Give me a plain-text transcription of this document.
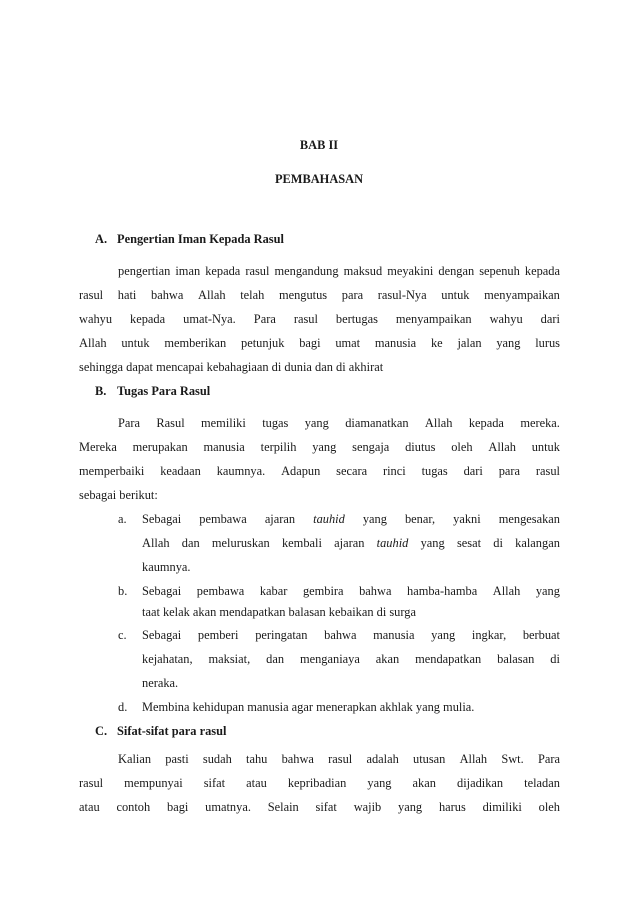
BAB II
PEMBAHASAN
A. Pengertian Iman Kepada Rasul
pengertian iman kepada rasul mengandung maksud meyakini dengan sepenuh kepada
rasul hati bahwa Allah telah mengutus para rasul-Nya untuk menyampaikan
wahyu kepada umat-Nya. Para rasul bertugas menyampaikan wahyu dari
Allah untuk memberikan petunjuk bagi umat manusia ke jalan yang lurus
sehingga dapat mencapai kebahagiaan di dunia dan di akhirat
B. Tugas Para Rasul
Para Rasul memiliki tugas yang diamanatkan Allah kepada mereka.
Mereka merupakan manusia terpilih yang sengaja diutus oleh Allah untuk
memperbaiki keadaan kaumnya. Adapun secara rinci tugas dari para rasul
sebagai berikut:
a. Sebagai pembawa ajaran tauhid yang benar, yakni mengesakan
Allah dan meluruskan kembali ajaran tauhid yang sesat di kalangan
kaumnya.
b. Sebagai pembawa kabar gembira bahwa hamba-hamba Allah yang
taat kelak akan mendapatkan balasan kebaikan di surga
c. Sebagai pemberi peringatan bahwa manusia yang ingkar, berbuat
kejahatan, maksiat, dan menganiaya akan mendapatkan balasan di
neraka.
d. Membina kehidupan manusia agar menerapkan akhlak yang mulia.
C. Sifat-sifat para rasul
Kalian pasti sudah tahu bahwa rasul adalah utusan Allah Swt. Para
rasul mempunyai sifat atau kepribadian yang akan dijadikan teladan
atau contoh bagi umatnya. Selain sifat wajib yang harus dimiliki oleh
